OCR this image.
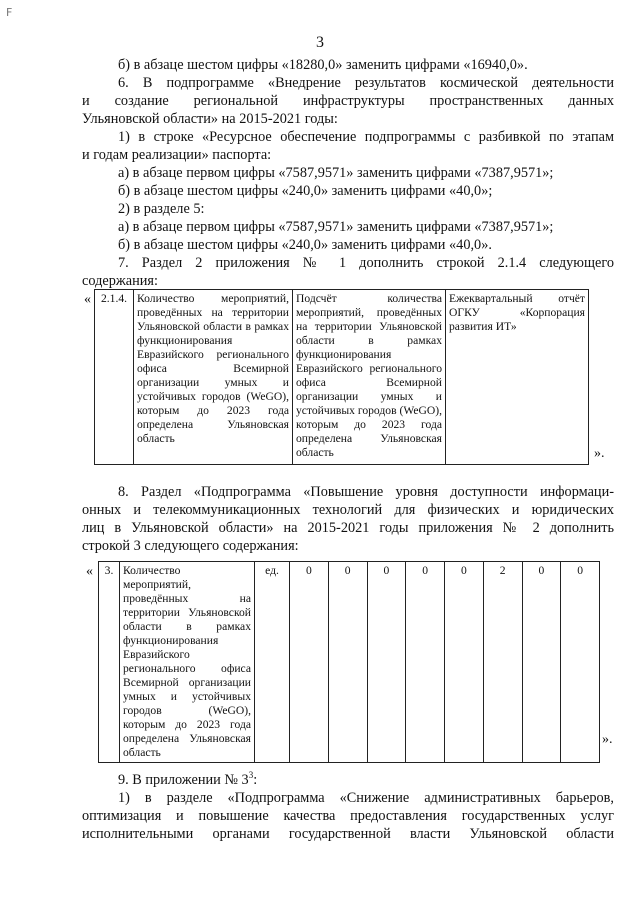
F
3

б) в абзаце шестом цифры «18280,0» заменить цифрами «16940,0».

6. В подпрограмме «Внедрение результатов космической деятельности

и создание региональной инфраструктуры пространственных данных

Ульяновской области» на 2015-2021 годы:

1) в строке «Ресурсное обеспечение подпрограммы с разбивкой по этапам

и годам реализации» паспорта:

а) в абзаце первом цифры «7587,9571» заменить цифрами «7387,9571»;

б) в абзаце шестом цифры «240,0» заменить цифрами «40,0»;

2) в разделе 5:

а) в абзаце первом цифры «7587,9571» заменить цифрами «7387,9571»;

б) в абзаце шестом цифры «240,0» заменить цифрами «40,0».

7. Раздел 2 приложения № 1 дополнить строкой 2.1.4 следующего

содержания:

« 2.1.4.	Количество мероприятий, проведённых на территории Ульяновской области в рамках функционирования Евразийского регионального офиса Всемирной организации умных и устойчивых городов (WeGO), которым до 2023 года определена Ульяновская область	Подсчёт количества мероприятий, проведённых на территории Ульяновской области в рамках функционирования Евразийского регионального офиса Всемирной организации умных и устойчивых городов (WeGO), которым до 2023 года определена Ульяновская область	Ежеквартальный отчёт ОГКУ «Корпорация развития ИТ»
».

8. Раздел «Подпрограмма «Повышение уровня доступности информаци-

онных и телекоммуникационных технологий для физических и юридических

лиц в Ульяновской области» на 2015-2021 годы приложения № 2 дополнить

строкой 3 следующего содержания:

« 3.	Количество мероприятий, проведённых на территории Ульяновской области в рамках функционирования Евразийского регионального офиса Всемирной организации умных и устойчивых городов (WeGO), которым до 2023 года определена Ульяновская область	ед.	0	0	0	0	0	2	0	0
».

9. В приложении № $3^3$:

1) в разделе «Подпрограмма «Снижение административных барьеров,

оптимизация и повышение качества предоставления государственных услуг

исполнительными органами государственной власти Ульяновской области
